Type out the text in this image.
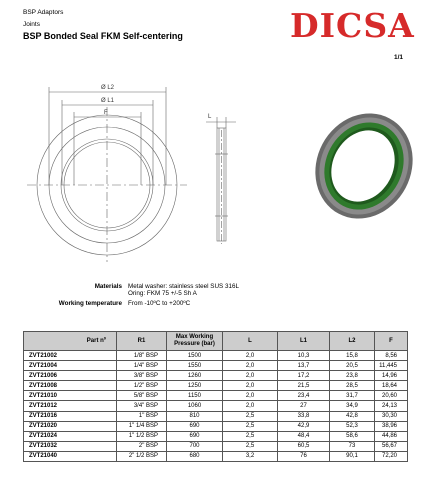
BSP Adaptors
Joints
BSP Bonded Seal FKM Self-centering	DICSA
1/1
Ø L2
Ø L1
F
L
Materials Metal washer: stainless steel SUS 316L
Oring: FKM 75 +/-5 Sh A
Working temperature From -10ºC to +200ºC
Part nº	R1	Max Working
Pressure (bar)	L	L1	L2	F
ZVT21002	1/8" BSP	1500	2,0	10,3	15,8	8,56
ZVT21004	1/4" BSP	1550	2,0	13,7	20,5	11,445
ZVT21006	3/8" BSP	1260	2,0	17,2	23,8	14,96
ZVT21008	1/2" BSP	1250	2,0	21,5	28,5	18,64
ZVT21010	5/8" BSP	1150	2,0	23,4	31,7	20,60
ZVT21012	3/4" BSP	1060	2,0	27	34,9	24,13
ZVT21016	1" BSP	810	2,5	33,8	42,8	30,30
ZVT21020	1" 1/4 BSP	690	2,5	42,9	52,3	38,96
ZVT21024	1" 1/2 BSP	690	2,5	48,4	58,6	44,86
ZVT21032	2" BSP	700	2,5	60,5	73	56,67
ZVT21040	2" 1/2 BSP	680	3,2	76	90,1	72,20
